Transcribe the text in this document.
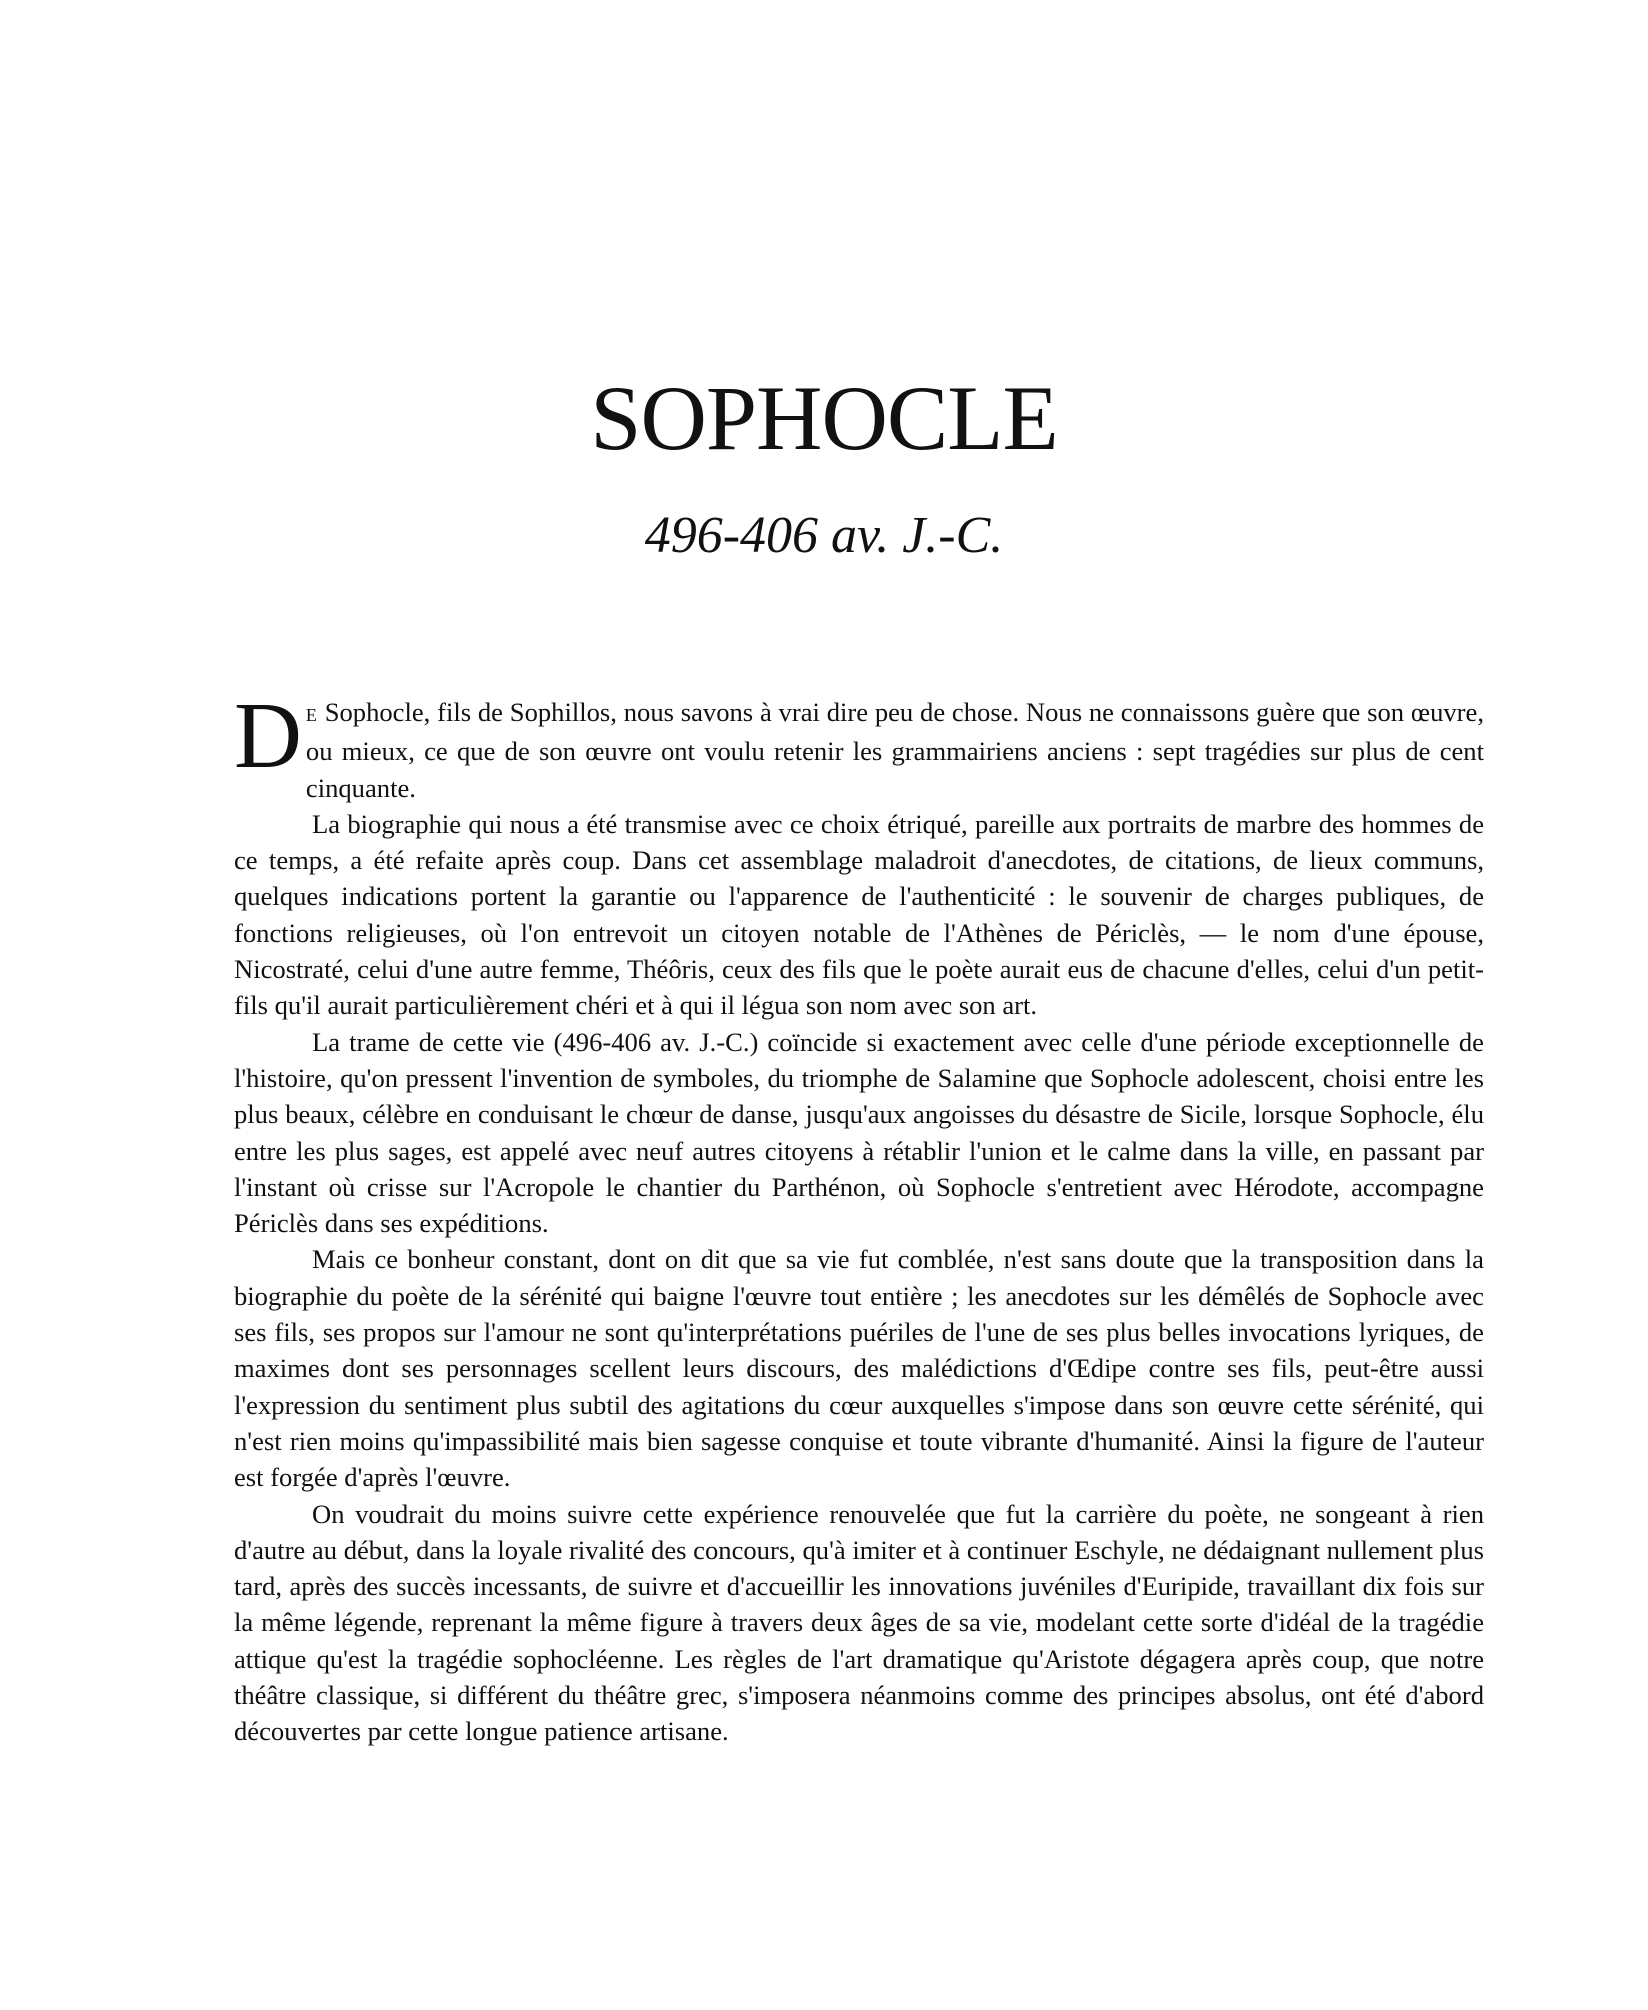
SOPHOCLE
496-406 av. J.-C.

D E Sophocle, fils de Sophillos, nous savons à vrai dire peu de chose. Nous ne connaissons guère que son œuvre, ou mieux, ce que de son œuvre ont voulu retenir les grammairiens anciens : sept tragédies sur plus de cent cinquante.

La biographie qui nous a été transmise avec ce choix étriqué, pareille aux portraits de marbre des hommes de ce temps, a été refaite après coup. Dans cet assemblage maladroit d'anecdotes, de citations, de lieux communs, quelques indications portent la garantie ou l'apparence de l'authenticité : le souvenir de charges publiques, de fonctions religieuses, où l'on entrevoit un citoyen notable de l'Athènes de Périclès, — le nom d'une épouse, Nicostraté, celui d'une autre femme, Théôris, ceux des fils que le poète aurait eus de chacune d'elles, celui d'un petit-fils qu'il aurait particulièrement chéri et à qui il légua son nom avec son art.

La trame de cette vie (496-406 av. J.-C.) coïncide si exactement avec celle d'une période exceptionnelle de l'histoire, qu'on pressent l'invention de symboles, du triomphe de Salamine que Sophocle adolescent, choisi entre les plus beaux, célèbre en conduisant le chœur de danse, jusqu'aux angoisses du désastre de Sicile, lorsque Sophocle, élu entre les plus sages, est appelé avec neuf autres citoyens à rétablir l'union et le calme dans la ville, en passant par l'instant où crisse sur l'Acropole le chantier du Parthénon, où Sophocle s'entretient avec Hérodote, accompagne Périclès dans ses expéditions.

Mais ce bonheur constant, dont on dit que sa vie fut comblée, n'est sans doute que la transposition dans la biographie du poète de la sérénité qui baigne l'œuvre tout entière ; les anecdotes sur les démêlés de Sophocle avec ses fils, ses propos sur l'amour ne sont qu'interprétations puériles de l'une de ses plus belles invocations lyriques, de maximes dont ses personnages scellent leurs discours, des malédictions d'Œdipe contre ses fils, peut-être aussi l'expression du sentiment plus subtil des agitations du cœur auxquelles s'impose dans son œuvre cette sérénité, qui n'est rien moins qu'impassibilité mais bien sagesse conquise et toute vibrante d'humanité. Ainsi la figure de l'auteur est forgée d'après l'œuvre.

On voudrait du moins suivre cette expérience renouvelée que fut la carrière du poète, ne songeant à rien d'autre au début, dans la loyale rivalité des concours, qu'à imiter et à continuer Eschyle, ne dédaignant nullement plus tard, après des succès incessants, de suivre et d'accueillir les innovations juvéniles d'Euripide, travaillant dix fois sur la même légende, reprenant la même figure à travers deux âges de sa vie, modelant cette sorte d'idéal de la tragédie attique qu'est la tragédie sophocléenne. Les règles de l'art dramatique qu'Aristote dégagera après coup, que notre théâtre classique, si différent du théâtre grec, s'imposera néanmoins comme des principes absolus, ont été d'abord découvertes par cette longue patience artisane.
